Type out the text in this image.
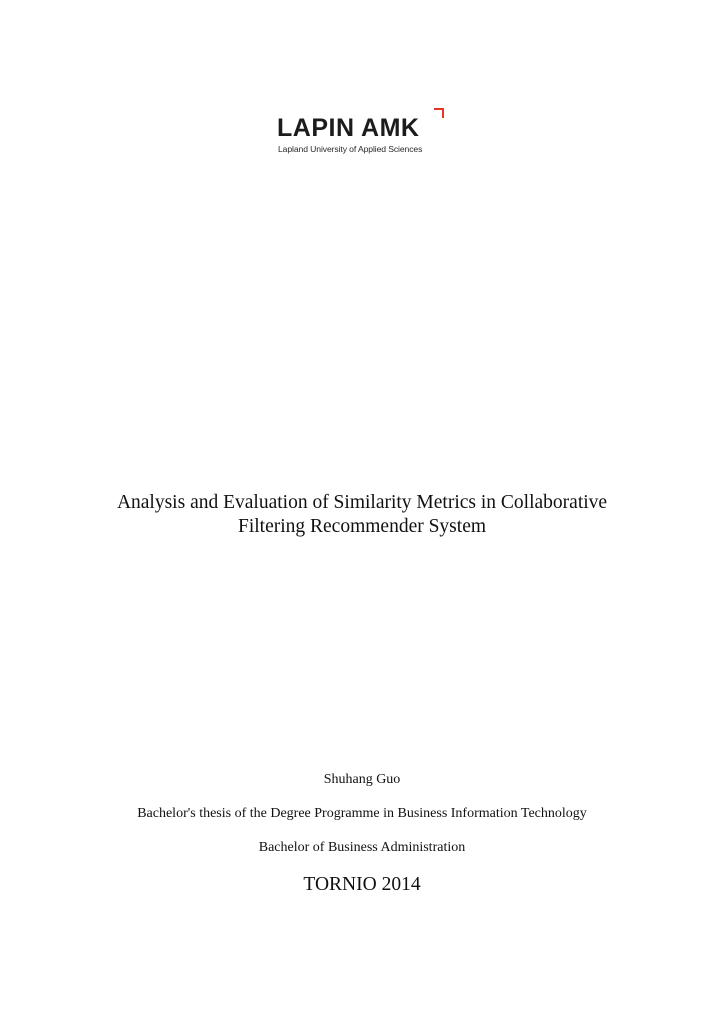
LAPIN AMK
Lapland University of Applied Sciences
Analysis and Evaluation of Similarity Metrics in Collaborative
Filtering Recommender System
Shuhang Guo
Bachelor's thesis of the Degree Programme in Business Information Technology
Bachelor of Business Administration
TORNIO 2014
